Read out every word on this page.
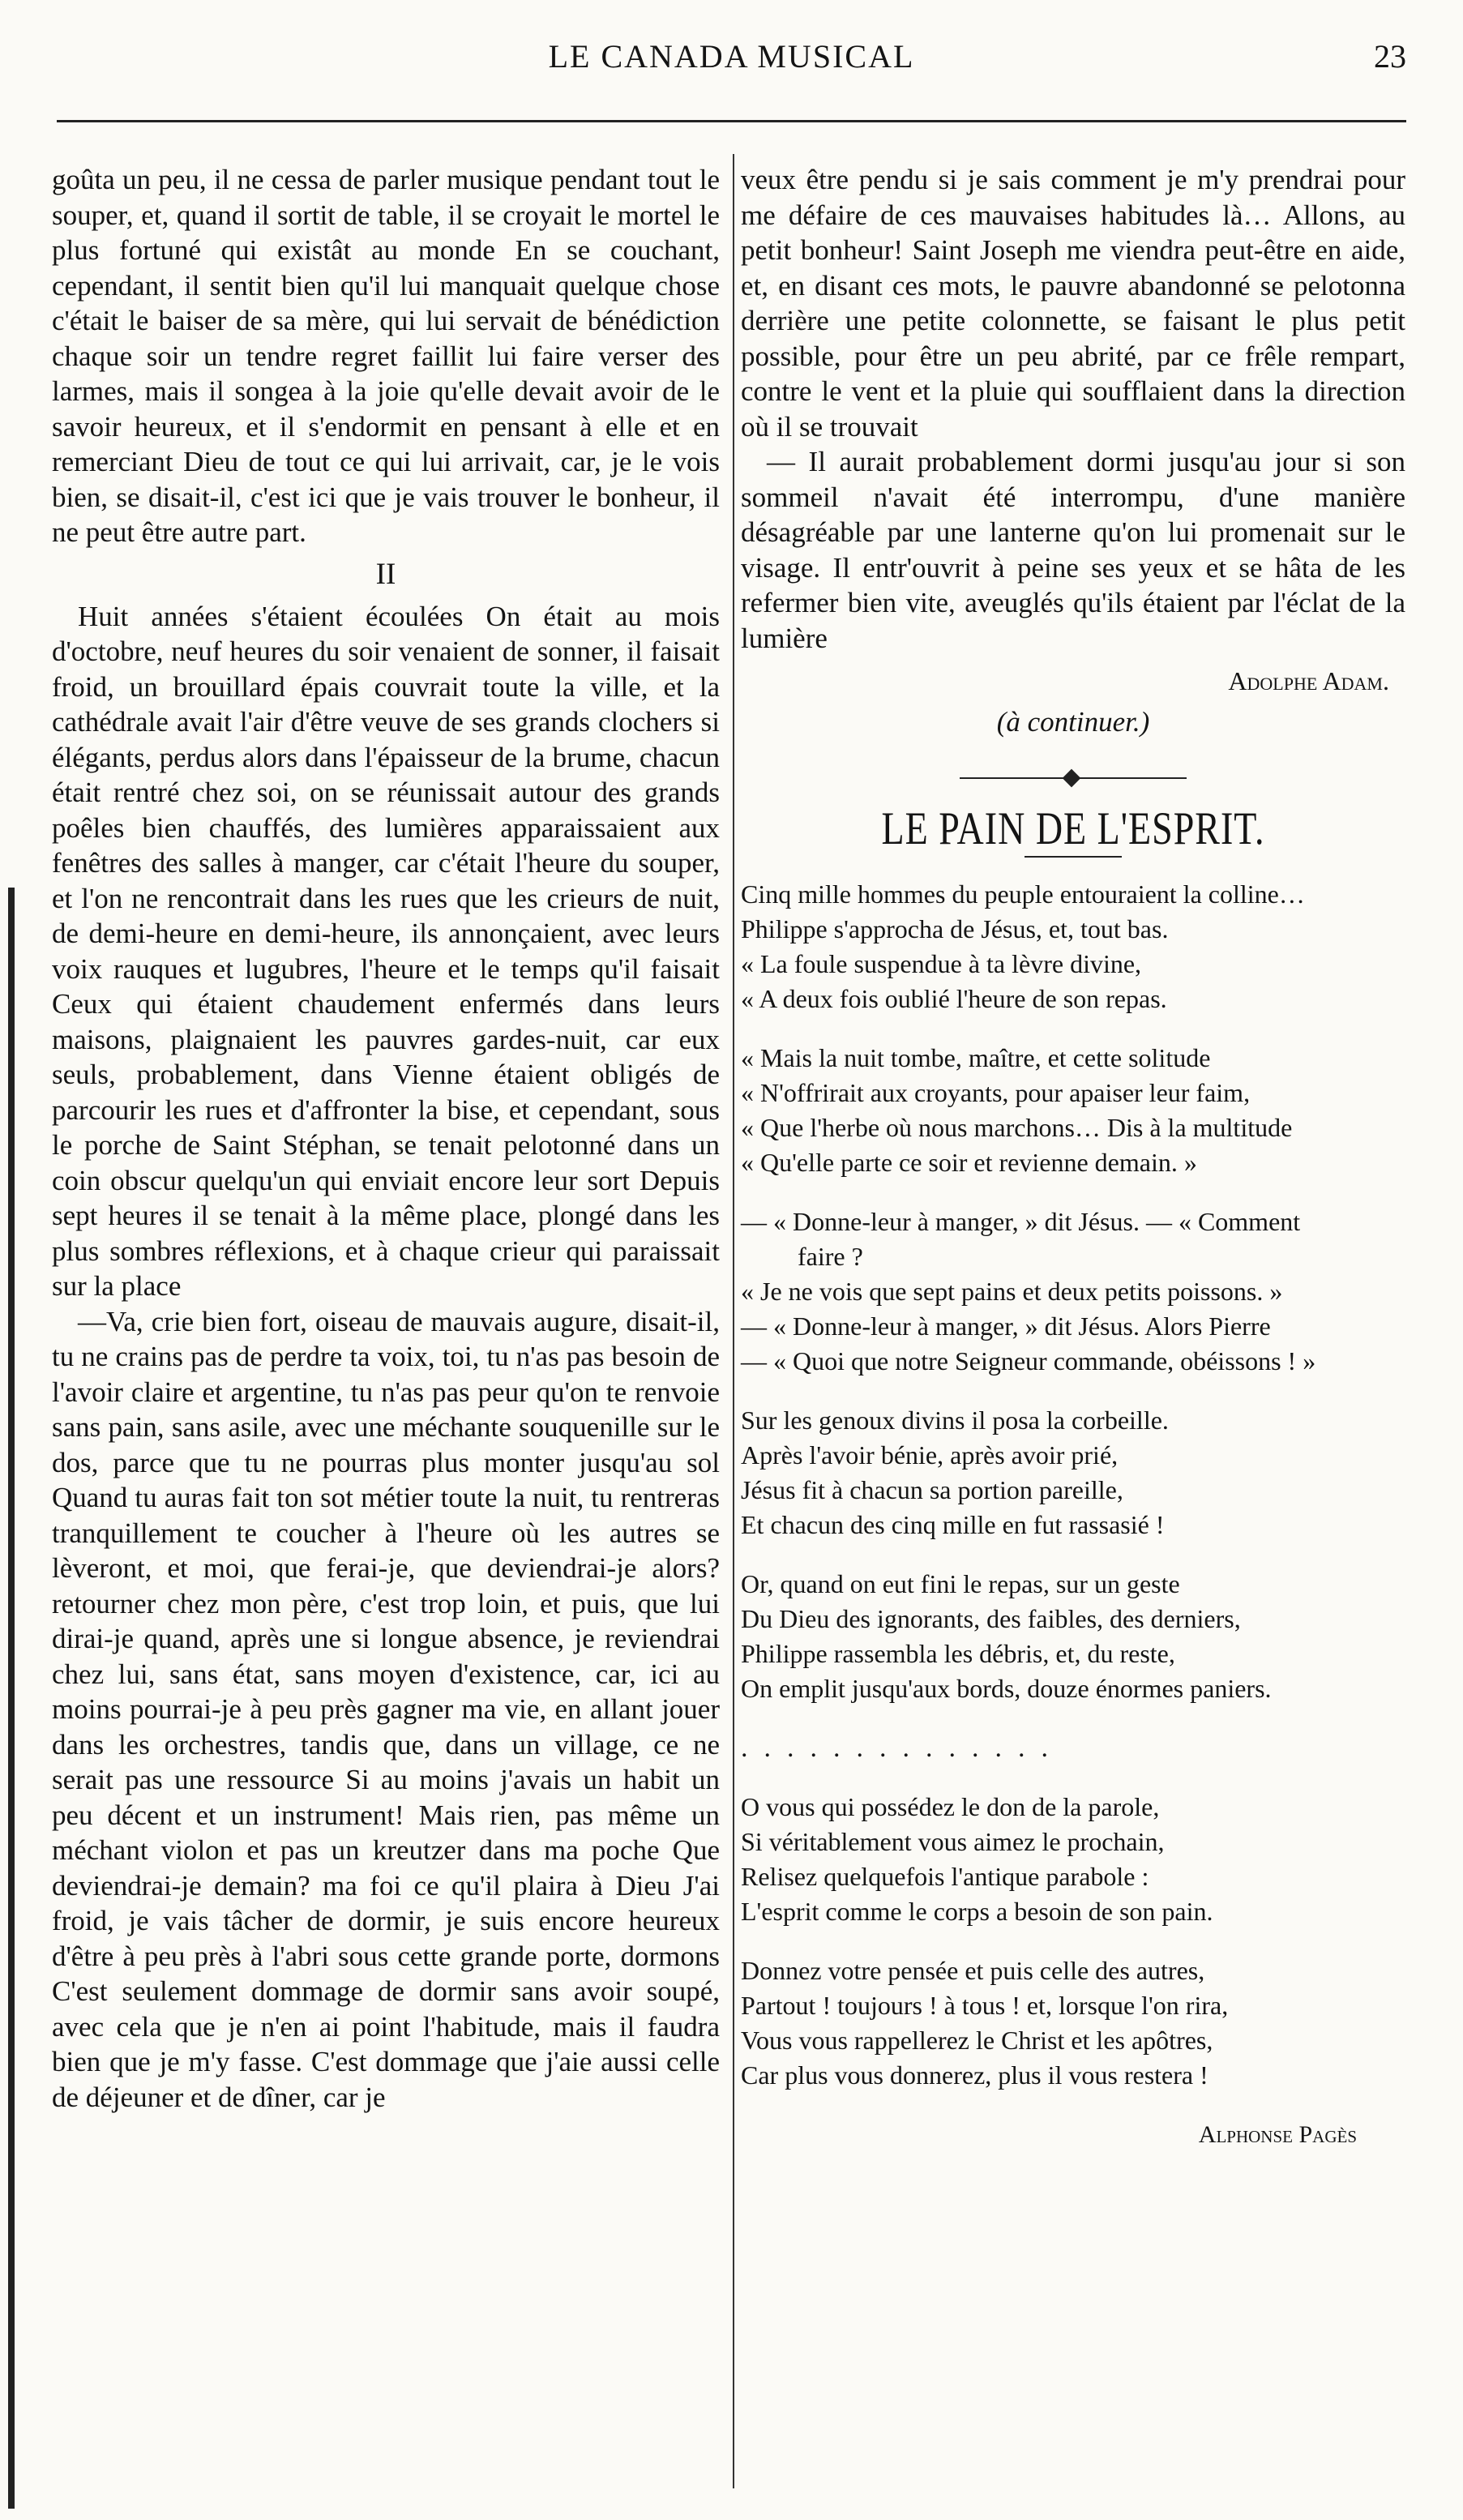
LE CANADA MUSICAL	23

goûta un peu, il ne cessa de parler musique pendant tout le souper, et, quand il sortit de table, il se croyait le mortel le plus fortuné qui existât au monde En se couchant, cependant, il sentit bien qu'il lui manquait quelque chose c'était le baiser de sa mère, qui lui servait de bénédiction chaque soir un tendre regret faillit lui faire verser des larmes, mais il songea à la joie qu'elle devait avoir de le savoir heureux, et il s'endormit en pensant à elle et en remerciant Dieu de tout ce qui lui arrivait, car, je le vois bien, se disait-il, c'est ici que je vais trouver le bonheur, il ne peut être autre part.

II

Huit années s'étaient écoulées On était au mois d'octobre, neuf heures du soir venaient de sonner, il faisait froid, un brouillard épais couvrait toute la ville, et la cathédrale avait l'air d'être veuve de ses grands clochers si élégants, perdus alors dans l'épaisseur de la brume, chacun était rentré chez soi, on se réunissait autour des grands poêles bien chauffés, des lumières apparaissaient aux fenêtres des salles à manger, car c'était l'heure du souper, et l'on ne rencontrait dans les rues que les crieurs de nuit, de demi-heure en demi-heure, ils annonçaient, avec leurs voix rauques et lugubres, l'heure et le temps qu'il faisait Ceux qui étaient chaudement enfermés dans leurs maisons, plaignaient les pauvres gardes-nuit, car eux seuls, probablement, dans Vienne étaient obligés de parcourir les rues et d'affronter la bise, et cependant, sous le porche de Saint Stéphan, se tenait pelotonné dans un coin obscur quelqu'un qui enviait encore leur sort Depuis sept heures il se tenait à la même place, plongé dans les plus sombres réflexions, et à chaque crieur qui paraissait sur la place

—Va, crie bien fort, oiseau de mauvais augure, disait-il, tu ne crains pas de perdre ta voix, toi, tu n'as pas besoin de l'avoir claire et argentine, tu n'as pas peur qu'on te renvoie sans pain, sans asile, avec une méchante souquenille sur le dos, parce que tu ne pourras plus monter jusqu'au sol Quand tu auras fait ton sot métier toute la nuit, tu rentreras tranquillement te coucher à l'heure où les autres se lèveront, et moi, que ferai-je, que deviendrai-je alors? retourner chez mon père, c'est trop loin, et puis, que lui dirai-je quand, après une si longue absence, je reviendrai chez lui, sans état, sans moyen d'existence, car, ici au moins pourrai-je à peu près gagner ma vie, en allant jouer dans les orchestres, tandis que, dans un village, ce ne serait pas une ressource Si au moins j'avais un habit un peu décent et un instrument! Mais rien, pas même un méchant violon et pas un kreutzer dans ma poche Que deviendrai-je demain? ma foi ce qu'il plaira à Dieu J'ai froid, je vais tâcher de dormir, je suis encore heureux d'être à peu près à l'abri sous cette grande porte, dormons C'est seulement dommage de dormir sans avoir soupé, avec cela que je n'en ai point l'habitude, mais il faudra bien que je m'y fasse. C'est dommage que j'aie aussi celle de déjeuner et de dîner, car je

veux être pendu si je sais comment je m'y prendrai pour me défaire de ces mauvaises habitudes là… Allons, au petit bonheur! Saint Joseph me viendra peut-être en aide, et, en disant ces mots, le pauvre abandonné se pelotonna derrière une petite colonnette, se faisant le plus petit possible, pour être un peu abrité, par ce frêle rempart, contre le vent et la pluie qui soufflaient dans la direction où il se trouvait

— Il aurait probablement dormi jusqu'au jour si son sommeil n'avait été interrompu, d'une manière désagréable par une lanterne qu'on lui promenait sur le visage. Il entr'ouvrit à peine ses yeux et se hâta de les refermer bien vite, aveuglés qu'ils étaient par l'éclat de la lumière

Adolphe Adam.
(à continuer.)
LE PAIN DE L'ESPRIT.
Cinq mille hommes du peuple entouraient la colline…
Philippe s'approcha de Jésus, et, tout bas.
« La foule suspendue à ta lèvre divine,
« A deux fois oublié l'heure de son repas.
« Mais la nuit tombe, maître, et cette solitude
« N'offrirait aux croyants, pour apaiser leur faim,
« Que l'herbe où nous marchons… Dis à la multitude
« Qu'elle parte ce soir et revienne demain. »
— « Donne-leur à manger, » dit Jésus. — « Comment
faire ?
« Je ne vois que sept pains et deux petits poissons. »
— « Donne-leur à manger, » dit Jésus. Alors Pierre
— « Quoi que notre Seigneur commande, obéissons ! »
Sur les genoux divins il posa la corbeille.
Après l'avoir bénie, après avoir prié,
Jésus fit à chacun sa portion pareille,
Et chacun des cinq mille en fut rassasié !
Or, quand on eut fini le repas, sur un geste
Du Dieu des ignorants, des faibles, des derniers,
Philippe rassembla les débris, et, du reste,
On emplit jusqu'aux bords, douze énormes paniers.
..............
O vous qui possédez le don de la parole,
Si véritablement vous aimez le prochain,
Relisez quelquefois l'antique parabole :
L'esprit comme le corps a besoin de son pain.
Donnez votre pensée et puis celle des autres,
Partout ! toujours ! à tous ! et, lorsque l'on rira,
Vous vous rappellerez le Christ et les apôtres,
Car plus vous donnerez, plus il vous restera !
Alphonse Pagès
